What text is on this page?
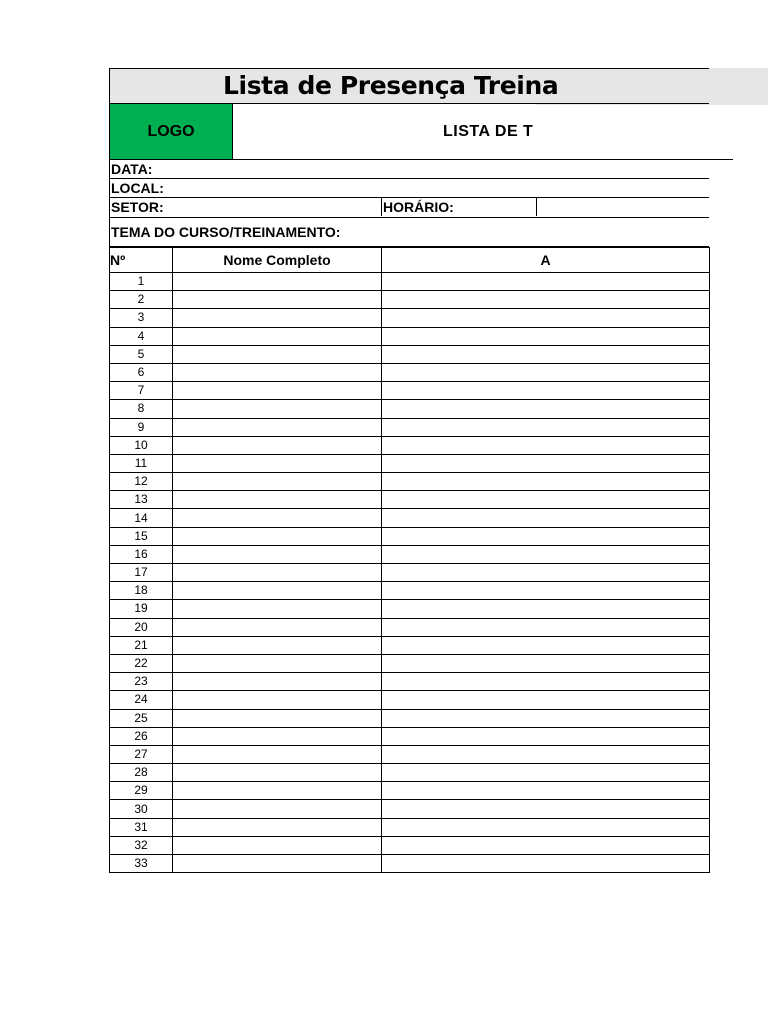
Lista de Presença Treina
LOGO	LISTA DE T
DATA:
LOCAL:
SETOR:	HORÁRIO:
TEMA DO CURSO/TREINAMENTO:
Nº	Nome Completo	A
1		
2		
3		
4		
5		
6		
7		
8		
9		
10		
11		
12		
13		
14		
15		
16		
17		
18		
19		
20		
21		
22		
23		
24		
25		
26		
27		
28		
29		
30		
31		
32		
33		
